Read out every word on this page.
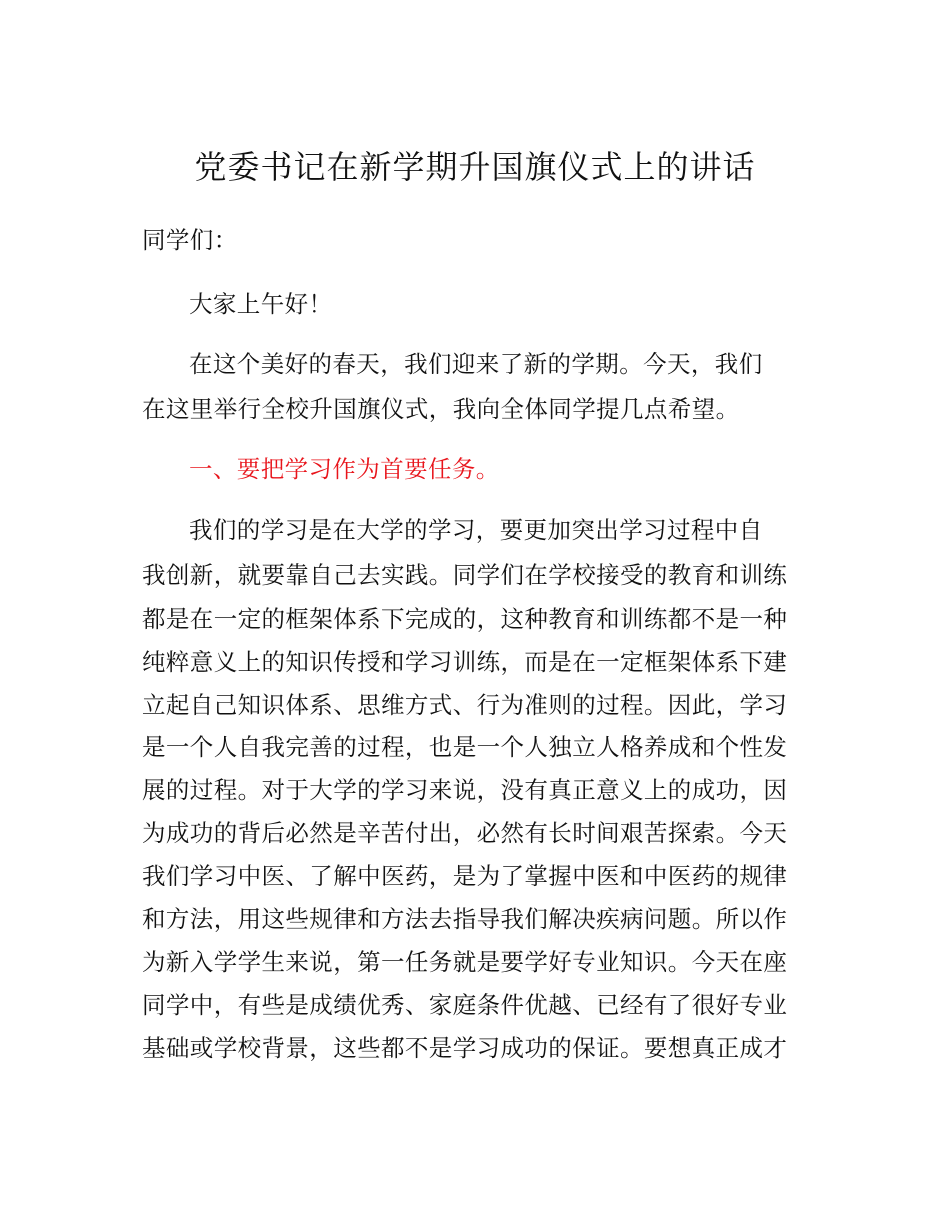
党委书记在新学期升国旗仪式上的讲话
同学们：
大家上午好！
在这个美好的春天，我们迎来了新的学期。今天，我们
在这里举行全校升国旗仪式，我向全体同学提几点希望。
一、要把学习作为首要任务。
我们的学习是在大学的学习，要更加突出学习过程中自
我创新，就要靠自己去实践。同学们在学校接受的教育和训练
都是在一定的框架体系下完成的，这种教育和训练都不是一种
纯粹意义上的知识传授和学习训练，而是在一定框架体系下建
立起自己知识体系、思维方式、行为准则的过程。因此，学习
是一个人自我完善的过程，也是一个人独立人格养成和个性发
展的过程。对于大学的学习来说，没有真正意义上的成功，因
为成功的背后必然是辛苦付出，必然有长时间艰苦探索。今天
我们学习中医、了解中医药，是为了掌握中医和中医药的规律
和方法，用这些规律和方法去指导我们解决疾病问题。所以作
为新入学学生来说，第一任务就是要学好专业知识。今天在座
同学中，有些是成绩优秀、家庭条件优越、已经有了很好专业
基础或学校背景，这些都不是学习成功的保证。要想真正成才
